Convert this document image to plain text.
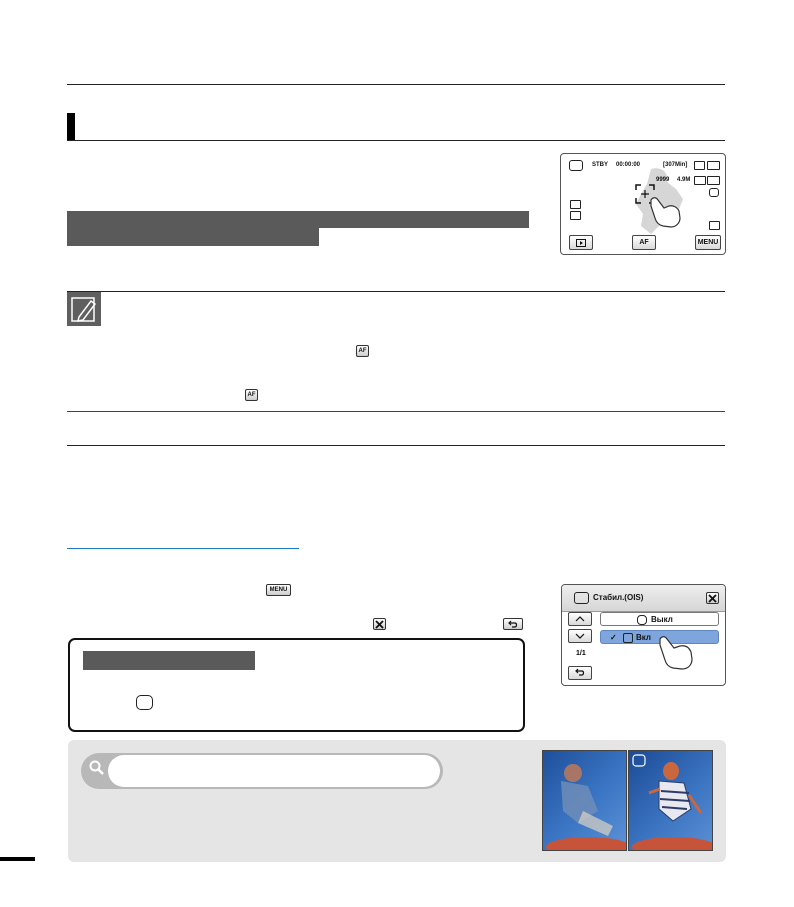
STBY 00:00:00	[307Min]
9999 4.9M
AF	MENU
AF
AF
MENU
Стабил.(OIS)
1/1
Выкл
✓ Вкл
